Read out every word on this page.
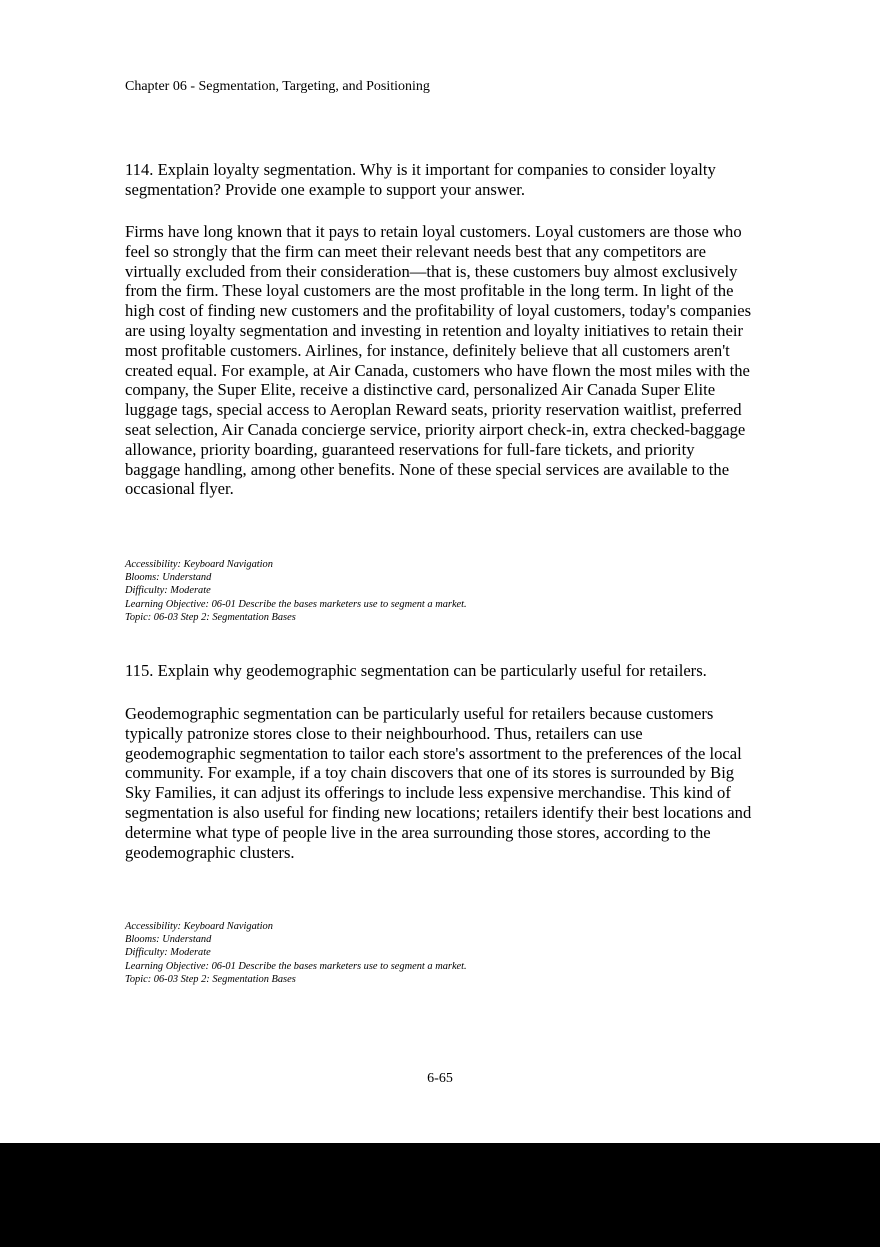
Chapter 06 - Segmentation, Targeting, and Positioning
114. Explain loyalty segmentation. Why is it important for companies to consider loyalty
segmentation? Provide one example to support your answer.
Firms have long known that it pays to retain loyal customers. Loyal customers are those who
feel so strongly that the firm can meet their relevant needs best that any competitors are
virtually excluded from their consideration—that is, these customers buy almost exclusively
from the firm. These loyal customers are the most profitable in the long term. In light of the
high cost of finding new customers and the profitability of loyal customers, today's companies
are using loyalty segmentation and investing in retention and loyalty initiatives to retain their
most profitable customers. Airlines, for instance, definitely believe that all customers aren't
created equal. For example, at Air Canada, customers who have flown the most miles with the
company, the Super Elite, receive a distinctive card, personalized Air Canada Super Elite
luggage tags, special access to Aeroplan Reward seats, priority reservation waitlist, preferred
seat selection, Air Canada concierge service, priority airport check-in, extra checked-baggage
allowance, priority boarding, guaranteed reservations for full-fare tickets, and priority
baggage handling, among other benefits. None of these special services are available to the
occasional flyer.
Accessibility: Keyboard Navigation
Blooms: Understand
Difficulty: Moderate
Learning Objective: 06-01 Describe the bases marketers use to segment a market.
Topic: 06-03 Step 2: Segmentation Bases
115. Explain why geodemographic segmentation can be particularly useful for retailers.
Geodemographic segmentation can be particularly useful for retailers because customers
typically patronize stores close to their neighbourhood. Thus, retailers can use
geodemographic segmentation to tailor each store's assortment to the preferences of the local
community. For example, if a toy chain discovers that one of its stores is surrounded by Big
Sky Families, it can adjust its offerings to include less expensive merchandise. This kind of
segmentation is also useful for finding new locations; retailers identify their best locations and
determine what type of people live in the area surrounding those stores, according to the
geodemographic clusters.
Accessibility: Keyboard Navigation
Blooms: Understand
Difficulty: Moderate
Learning Objective: 06-01 Describe the bases marketers use to segment a market.
Topic: 06-03 Step 2: Segmentation Bases
6-65
